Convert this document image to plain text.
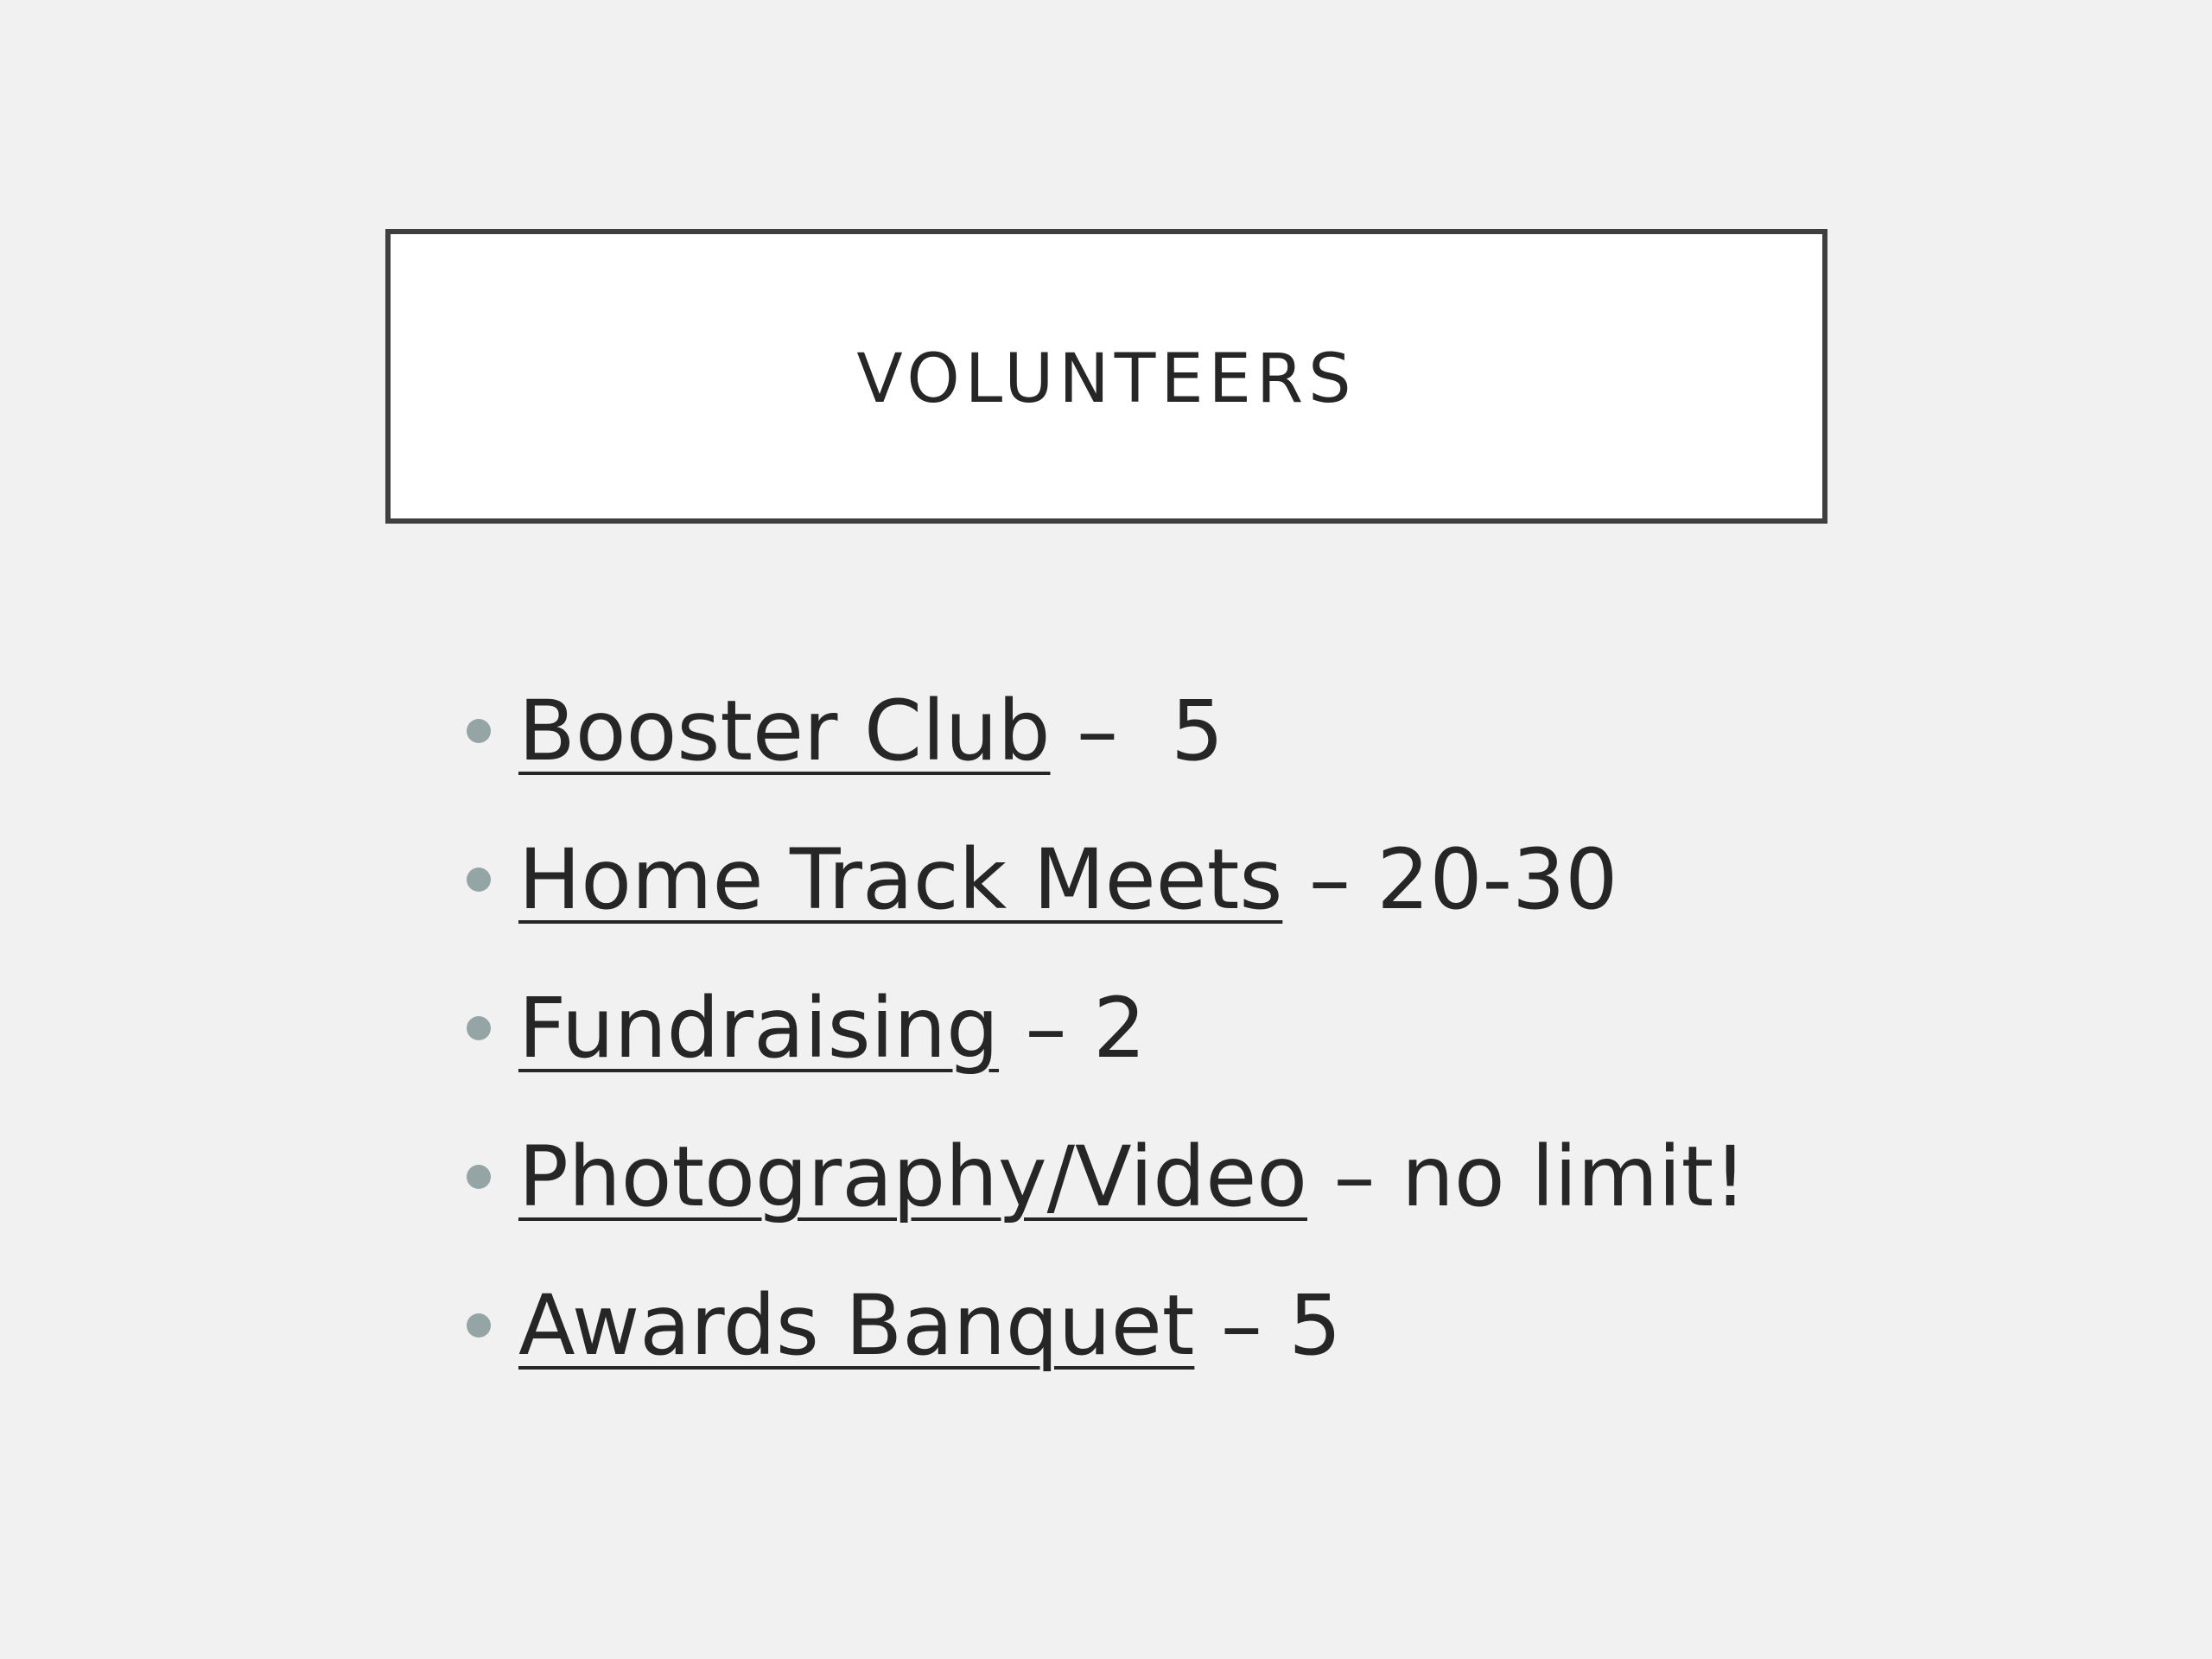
VOLUNTEERS
Booster Club –  5
Home Track Meets – 20-30
Fundraising – 2
Photography/Video – no limit!
Awards Banquet – 5
